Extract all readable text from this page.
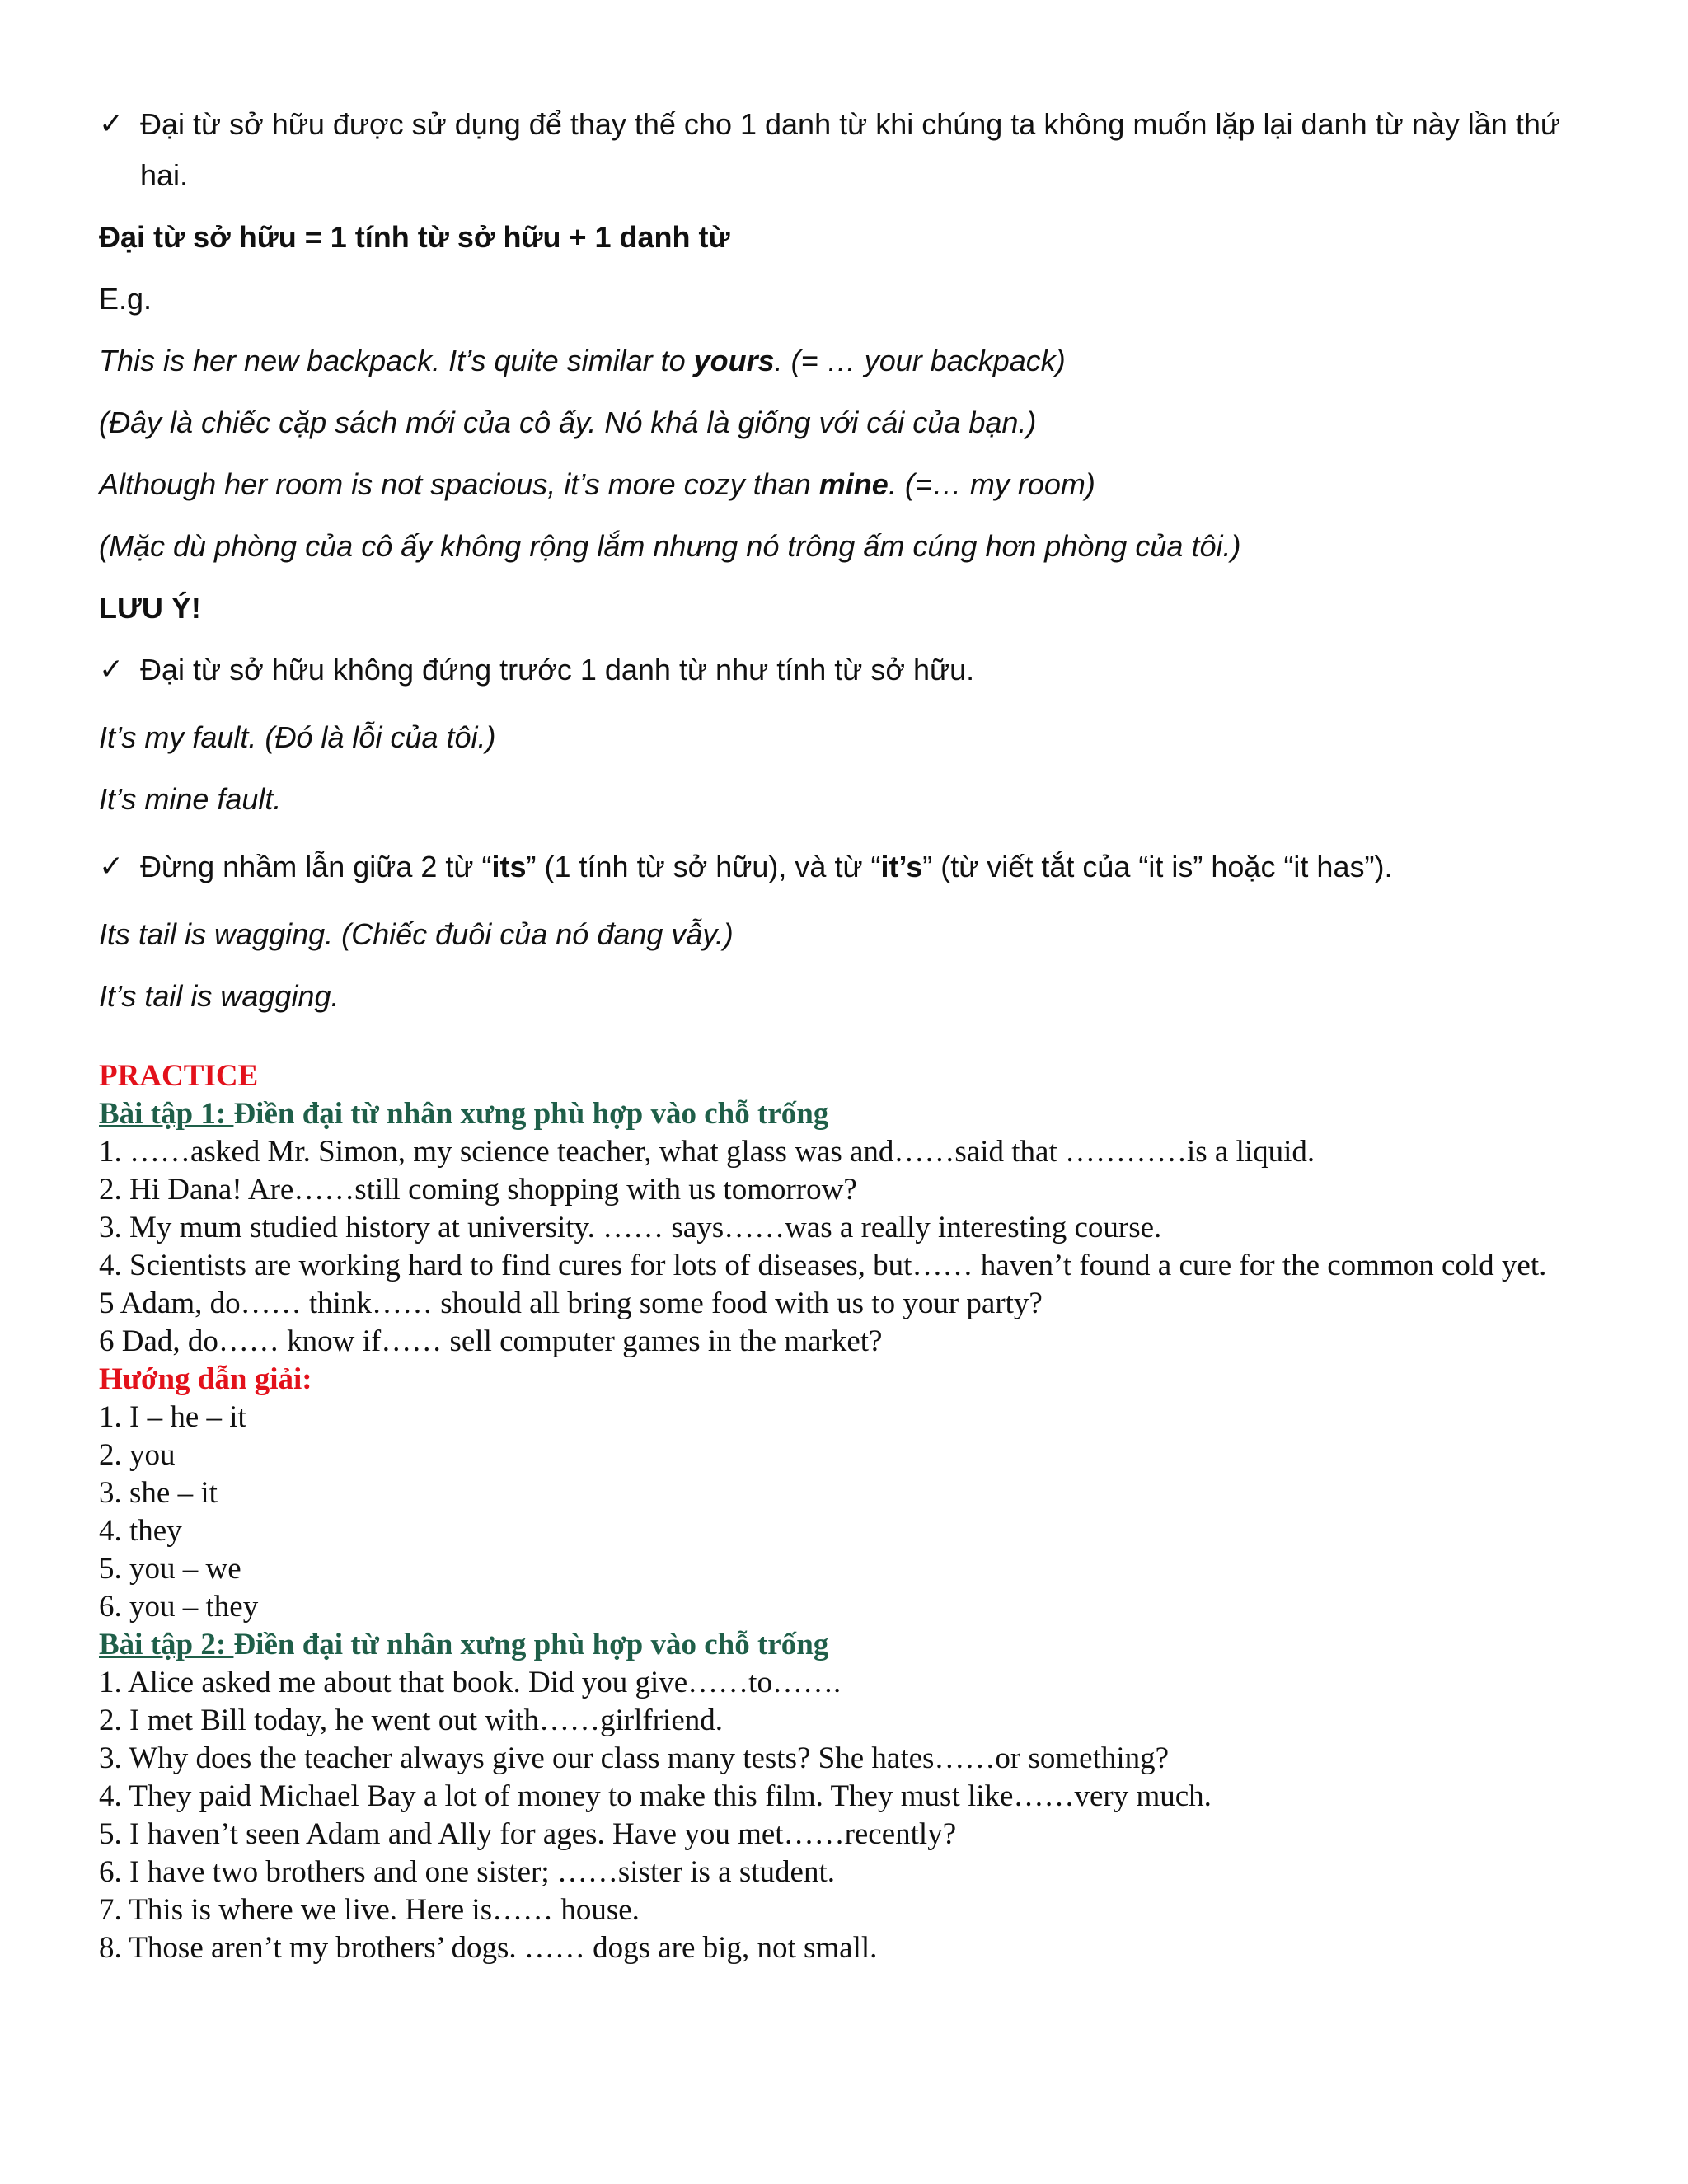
✓ Đại từ sở hữu được sử dụng để thay thế cho 1 danh từ khi chúng ta không muốn lặp lại danh từ này lần thứ hai.

Đại từ sở hữu = 1 tính từ sở hữu + 1 danh từ

E.g.

This is her new backpack. It’s quite similar to yours. (= … your backpack)

(Đây là chiếc cặp sách mới của cô ấy. Nó khá là giống với cái của bạn.)

Although her room is not spacious, it’s more cozy than mine. (=… my room)

(Mặc dù phòng của cô ấy không rộng lắm nhưng nó trông ấm cúng hơn phòng của tôi.)

LƯU Ý!

✓ Đại từ sở hữu không đứng trước 1 danh từ như tính từ sở hữu.

It’s my fault. (Đó là lỗi của tôi.)

It’s mine fault.

✓ Đừng nhầm lẫn giữa 2 từ “its” (1 tính từ sở hữu), và từ “it’s” (từ viết tắt của “it is” hoặc “it has”).

Its tail is wagging. (Chiếc đuôi của nó đang vẫy.)

It’s tail is wagging.

PRACTICE

Bài tập 1: Điền đại từ nhân xưng phù hợp vào chỗ trống

1. ……asked Mr. Simon, my science teacher, what glass was and……said that …………is a liquid.

2. Hi Dana! Are……still coming shopping with us tomorrow?

3. My mum studied history at university. …… says……was a really interesting course.

4. Scientists are working hard to find cures for lots of diseases, but…… haven’t found a cure for the common cold yet.

5 Adam, do…… think…… should all bring some food with us to your party?

6 Dad, do…… know if…… sell computer games in the market?

Hướng dẫn giải:

1. I – he – it

2. you

3. she – it

4. they

5. you – we

6. you – they

Bài tập 2: Điền đại từ nhân xưng phù hợp vào chỗ trống

1. Alice asked me about that book. Did you give……to…….

2. I met Bill today, he went out with……girlfriend.

3. Why does the teacher always give our class many tests? She hates……or something?

4. They paid Michael Bay a lot of money to make this film. They must like……very much.

5. I haven’t seen Adam and Ally for ages. Have you met……recently?

6. I have two brothers and one sister; ……sister is a student.

7. This is where we live. Here is…… house.

8. Those aren’t my brothers’ dogs. …… dogs are big, not small.
